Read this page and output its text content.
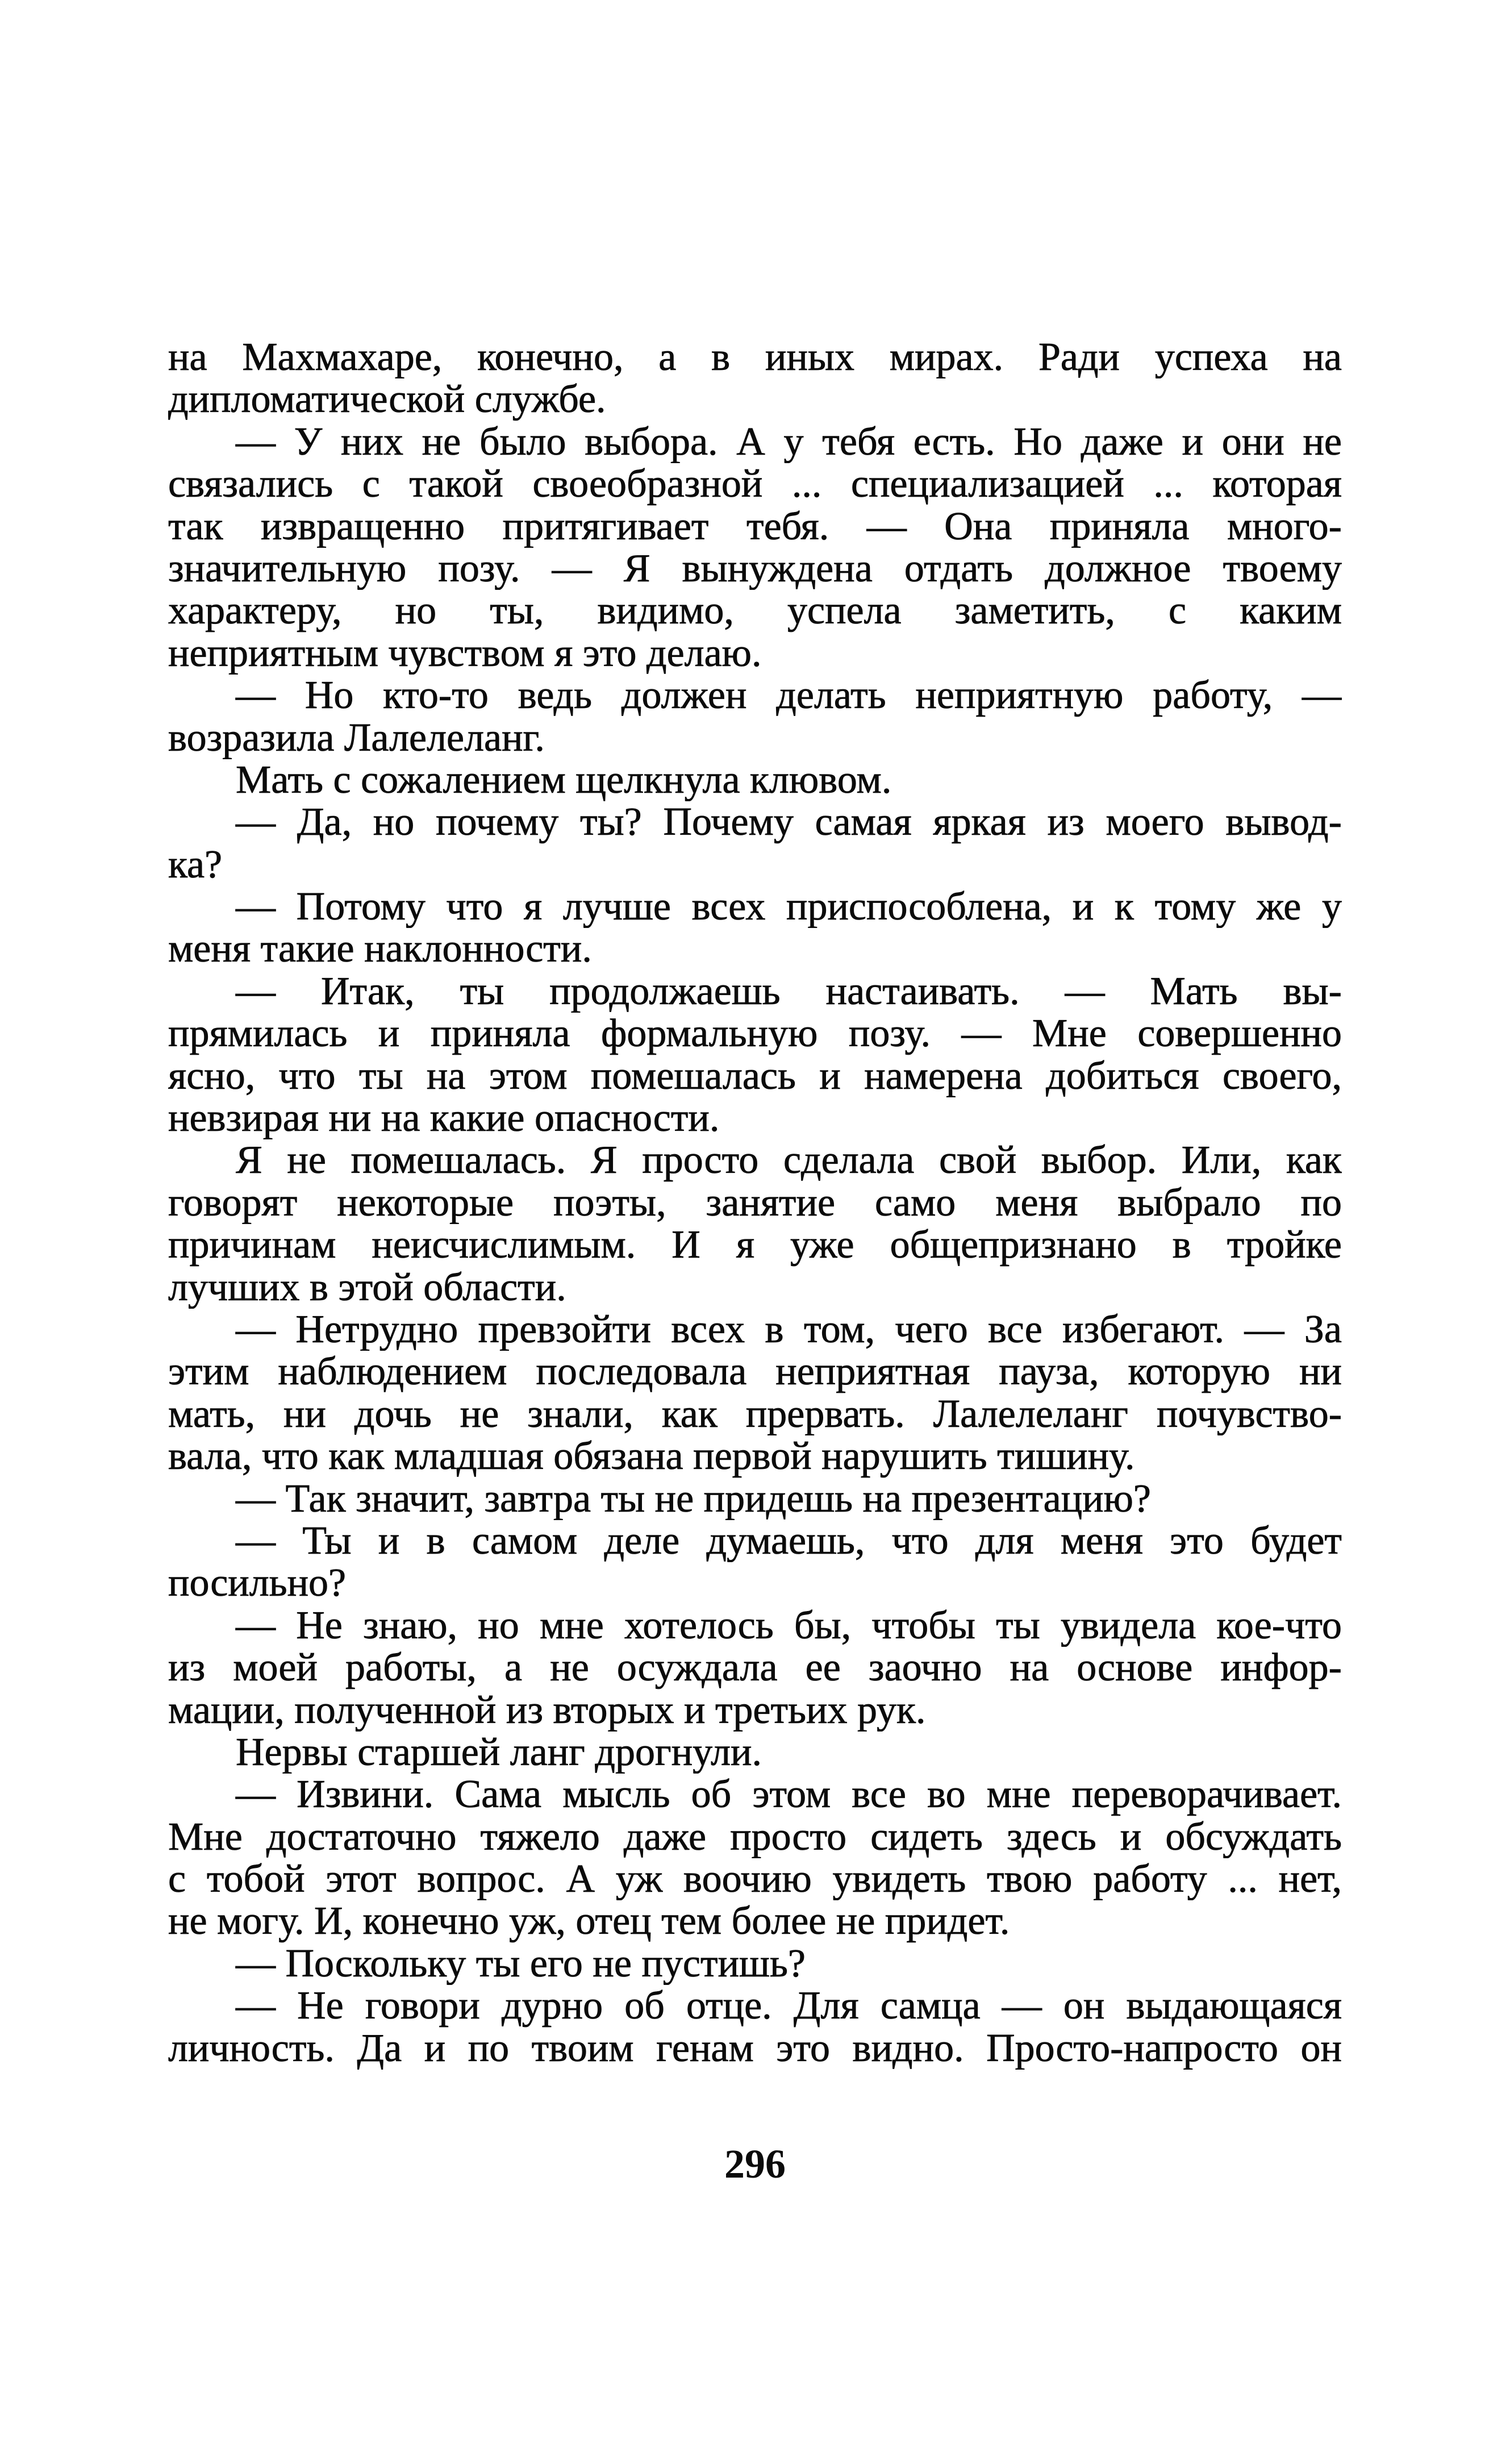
на Махмахаре, конечно, а в иных мирах. Ради успеха на
дипломатической службе.
— У них не было выбора. А у тебя есть. Но даже и они не
связались с такой своеобразной ... специализацией ... которая
так извращенно притягивает тебя. — Она приняла много-
значительную позу. — Я вынуждена отдать должное твоему
характеру, но ты, видимо, успела заметить, с каким
неприятным чувством я это делаю.
— Но кто-то ведь должен делать неприятную работу, —
возразила Лалелеланг.
Мать с сожалением щелкнула клювом.
— Да, но почему ты? Почему самая яркая из моего вывод-
ка?
— Потому что я лучше всех приспособлена, и к тому же у
меня такие наклонности.
— Итак, ты продолжаешь настаивать. — Мать вы-
прямилась и приняла формальную позу. — Мне совершенно
ясно, что ты на этом помешалась и намерена добиться своего,
невзирая ни на какие опасности.
Я не помешалась. Я просто сделала свой выбор. Или, как
говорят некоторые поэты, занятие само меня выбрало по
причинам неисчислимым. И я уже общепризнано в тройке
лучших в этой области.
— Нетрудно превзойти всех в том, чего все избегают. — За
этим наблюдением последовала неприятная пауза, которую ни
мать, ни дочь не знали, как прервать. Лалелеланг почувство-
вала, что как младшая обязана первой нарушить тишину.
— Так значит, завтра ты не придешь на презентацию?
— Ты и в самом деле думаешь, что для меня это будет
посильно?
— Не знаю, но мне хотелось бы, чтобы ты увидела кое-что
из моей работы, а не осуждала ее заочно на основе инфор-
мации, полученной из вторых и третьих рук.
Нервы старшей ланг дрогнули.
— Извини. Сама мысль об этом все во мне переворачивает.
Мне достаточно тяжело даже просто сидеть здесь и обсуждать
с тобой этот вопрос. А уж воочию увидеть твою работу ... нет,
не могу. И, конечно уж, отец тем более не придет.
— Поскольку ты его не пустишь?
— Не говори дурно об отце. Для самца — он выдающаяся
личность. Да и по твоим генам это видно. Просто-напросто он
296
